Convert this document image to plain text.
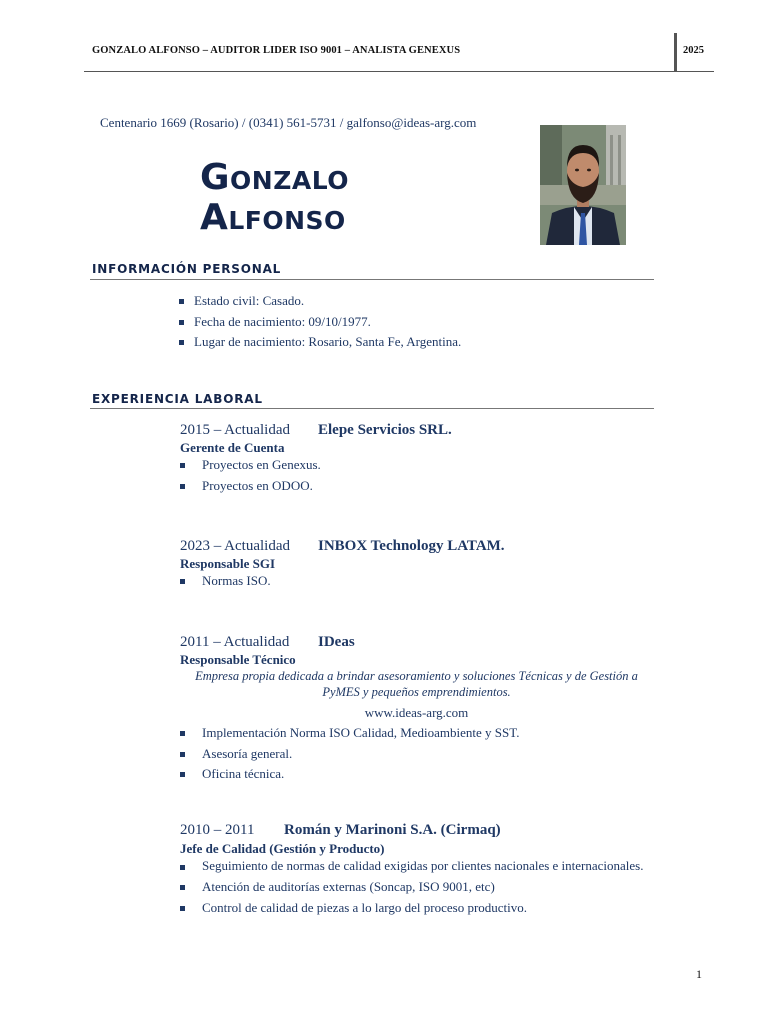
GONZALO ALFONSO – AUDITOR LIDER ISO 9001 – ANALISTA GENEXUS	2025
Centenario 1669 (Rosario) / (0341) 561-5731 / galfonso@ideas-arg.com
Gonzalo
Alfonso
INFORMACIÓN PERSONAL
Estado civil: Casado.
Fecha de nacimiento: 09/10/1977.
Lugar de nacimiento: Rosario, Santa Fe, Argentina.
EXPERIENCIA LABORAL
2015 – Actualidad Elepe Servicios SRL.
Gerente de Cuenta
Proyectos en Genexus.
Proyectos en ODOO.
2023 – Actualidad INBOX Technology LATAM.
Responsable SGI
Normas ISO.
2011 – Actualidad IDeas
Responsable Técnico
Empresa propia dedicada a brindar asesoramiento y soluciones Técnicas y de Gestión a PyMES y pequeños emprendimientos.
www.ideas-arg.com
Implementación Norma ISO Calidad, Medioambiente y SST.
Asesoría general.
Oficina técnica.
2010 – 2011 Román y Marinoni S.A. (Cirmaq)
Jefe de Calidad (Gestión y Producto)
Seguimiento de normas de calidad exigidas por clientes nacionales e internacionales.
Atención de auditorías externas (Soncap, ISO 9001, etc)
Control de calidad de piezas a lo largo del proceso productivo.
1
